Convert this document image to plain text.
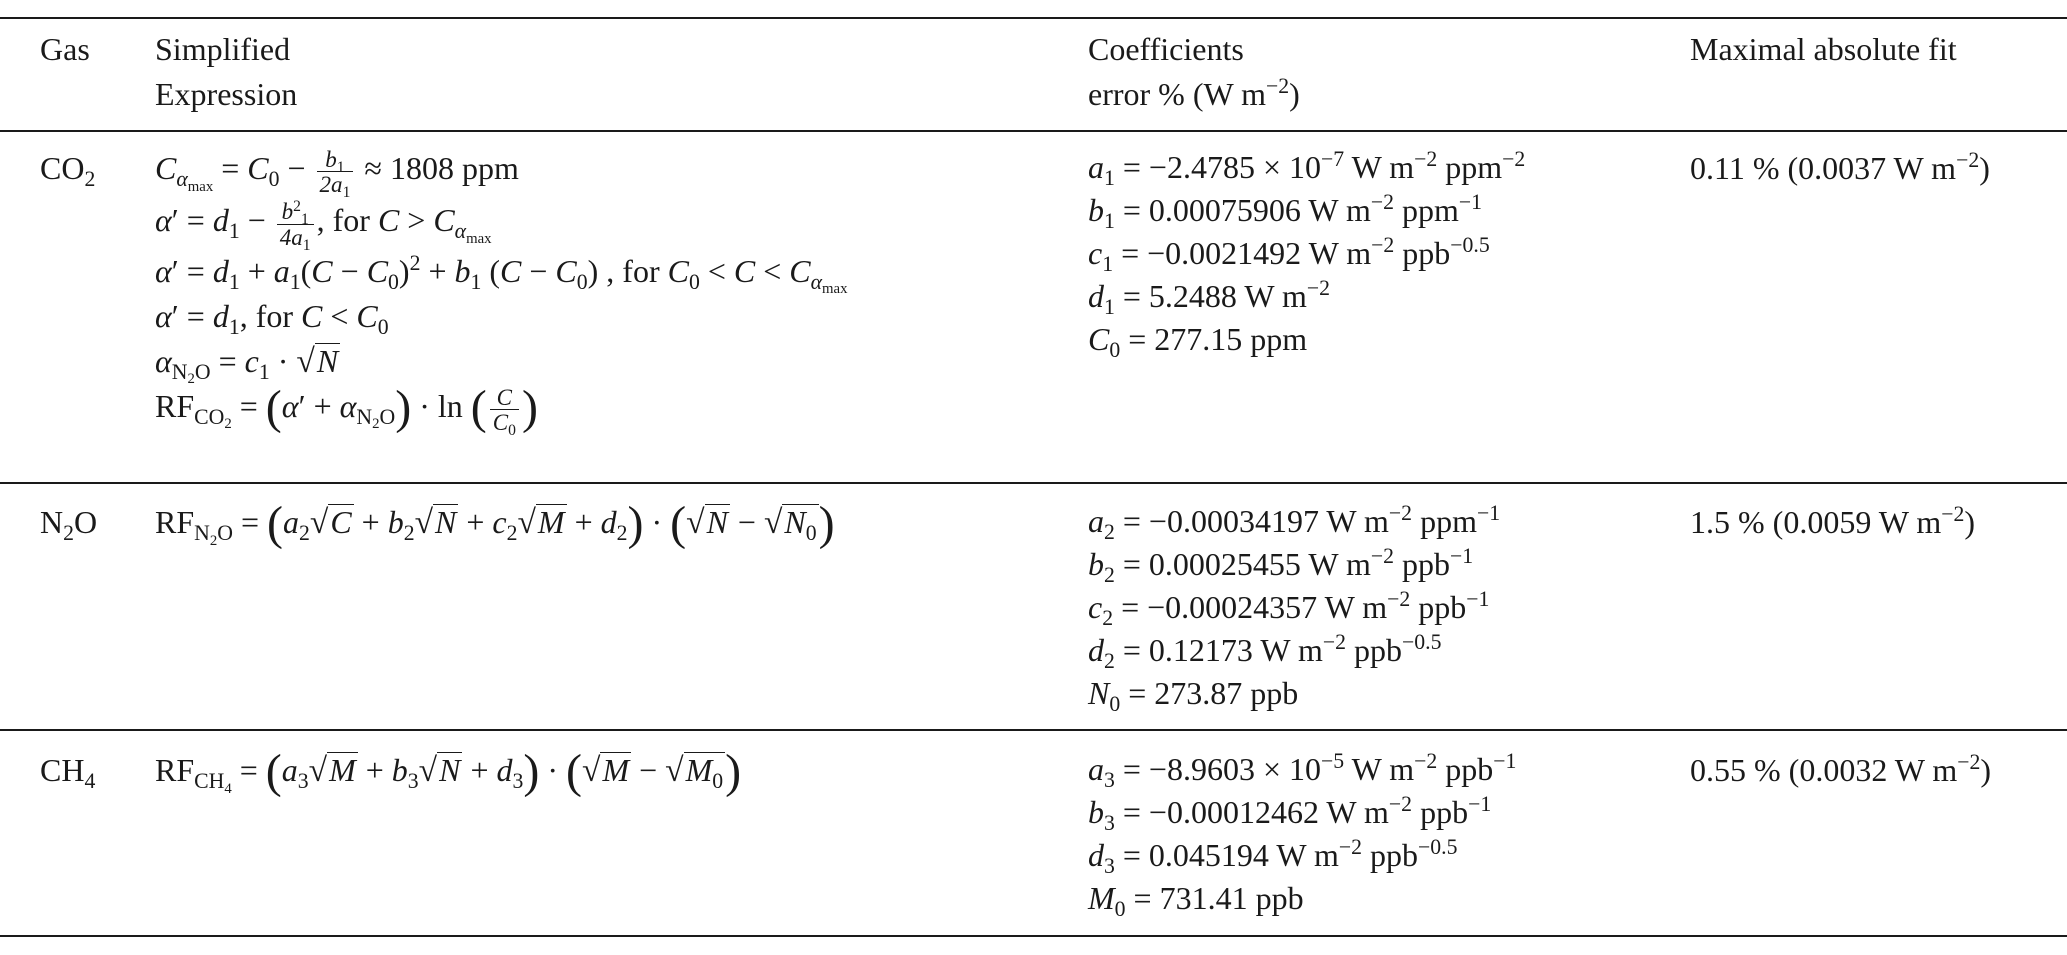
Gas Simplified
Expression
Coefficients
error % (W $m^{-2}$)
Maximal absolute fit
$CO_2$ $C_{\alpha_{max}} = C_0 - \frac{b_1}{2a_1} \approx 1808$ ppm
$\alpha' = d_1 - \frac{b^2_1}{4a_1}$ , for $C > C_{\alpha_{max}}$
$\alpha' = d_1 + a_1(C - C_0)^2 + b_1$ $(C - C_0)$ , for $C_0 < C < C_{\alpha_{max}}$
$\alpha' = d_1$, for $C < C_0$
$\alpha_{N_2O} = c_1 \cdot √N$
$RF_{CO_2} = (\alpha' + \alpha_{N_2O}) \cdot \ln$ ( $\frac{C}{C_0}$ )
$a_1 = -2.4785 \times 10^{-7}$ W $m^{-2}$ ppm$^{-2}$
$b_1 = 0.00075906$ W $m^{-2}$ ppm$^{-1}$
$c_1 = -0.0021492$ W $m^{-2}$ ppb$^{-0.5}$
$d_1 = 5.2488$ W $m^{-2}$
$C_0 = 277.15$ ppm
0.11 % (0.0037 W $m^{-2}$)
$N_2O$ $RF_{N_2O} = (a_2√C + b_2√N + c_2√M + d_2) \cdot (√N - √N_0)$	$a_2 = -0.00034197$ W $m^{-2}$ ppm$^{-1}$
$b_2 = 0.00025455$ W $m^{-2}$ ppb$^{-1}$
$c_2 = -0.00024357$ W $m^{-2}$ ppb$^{-1}$
$d_2 = 0.12173$ W $m^{-2}$ ppb$^{-0.5}$
$N_0 = 273.87$ ppb
1.5 % (0.0059 W $m^{-2}$)
$CH_4$ $RF_{CH_4} = (a_3√M + b_3√N + d_3) \cdot (√M - √M_0)$	$a_3 = -8.9603 \times 10^{-5}$ W $m^{-2}$ ppb$^{-1}$
$b_3 = -0.00012462$ W $m^{-2}$ ppb$^{-1}$
$d_3 = 0.045194$ W $m^{-2}$ ppb$^{-0.5}$
$M_0 = 731.41$ ppb
0.55 % (0.0032 W $m^{-2}$)
